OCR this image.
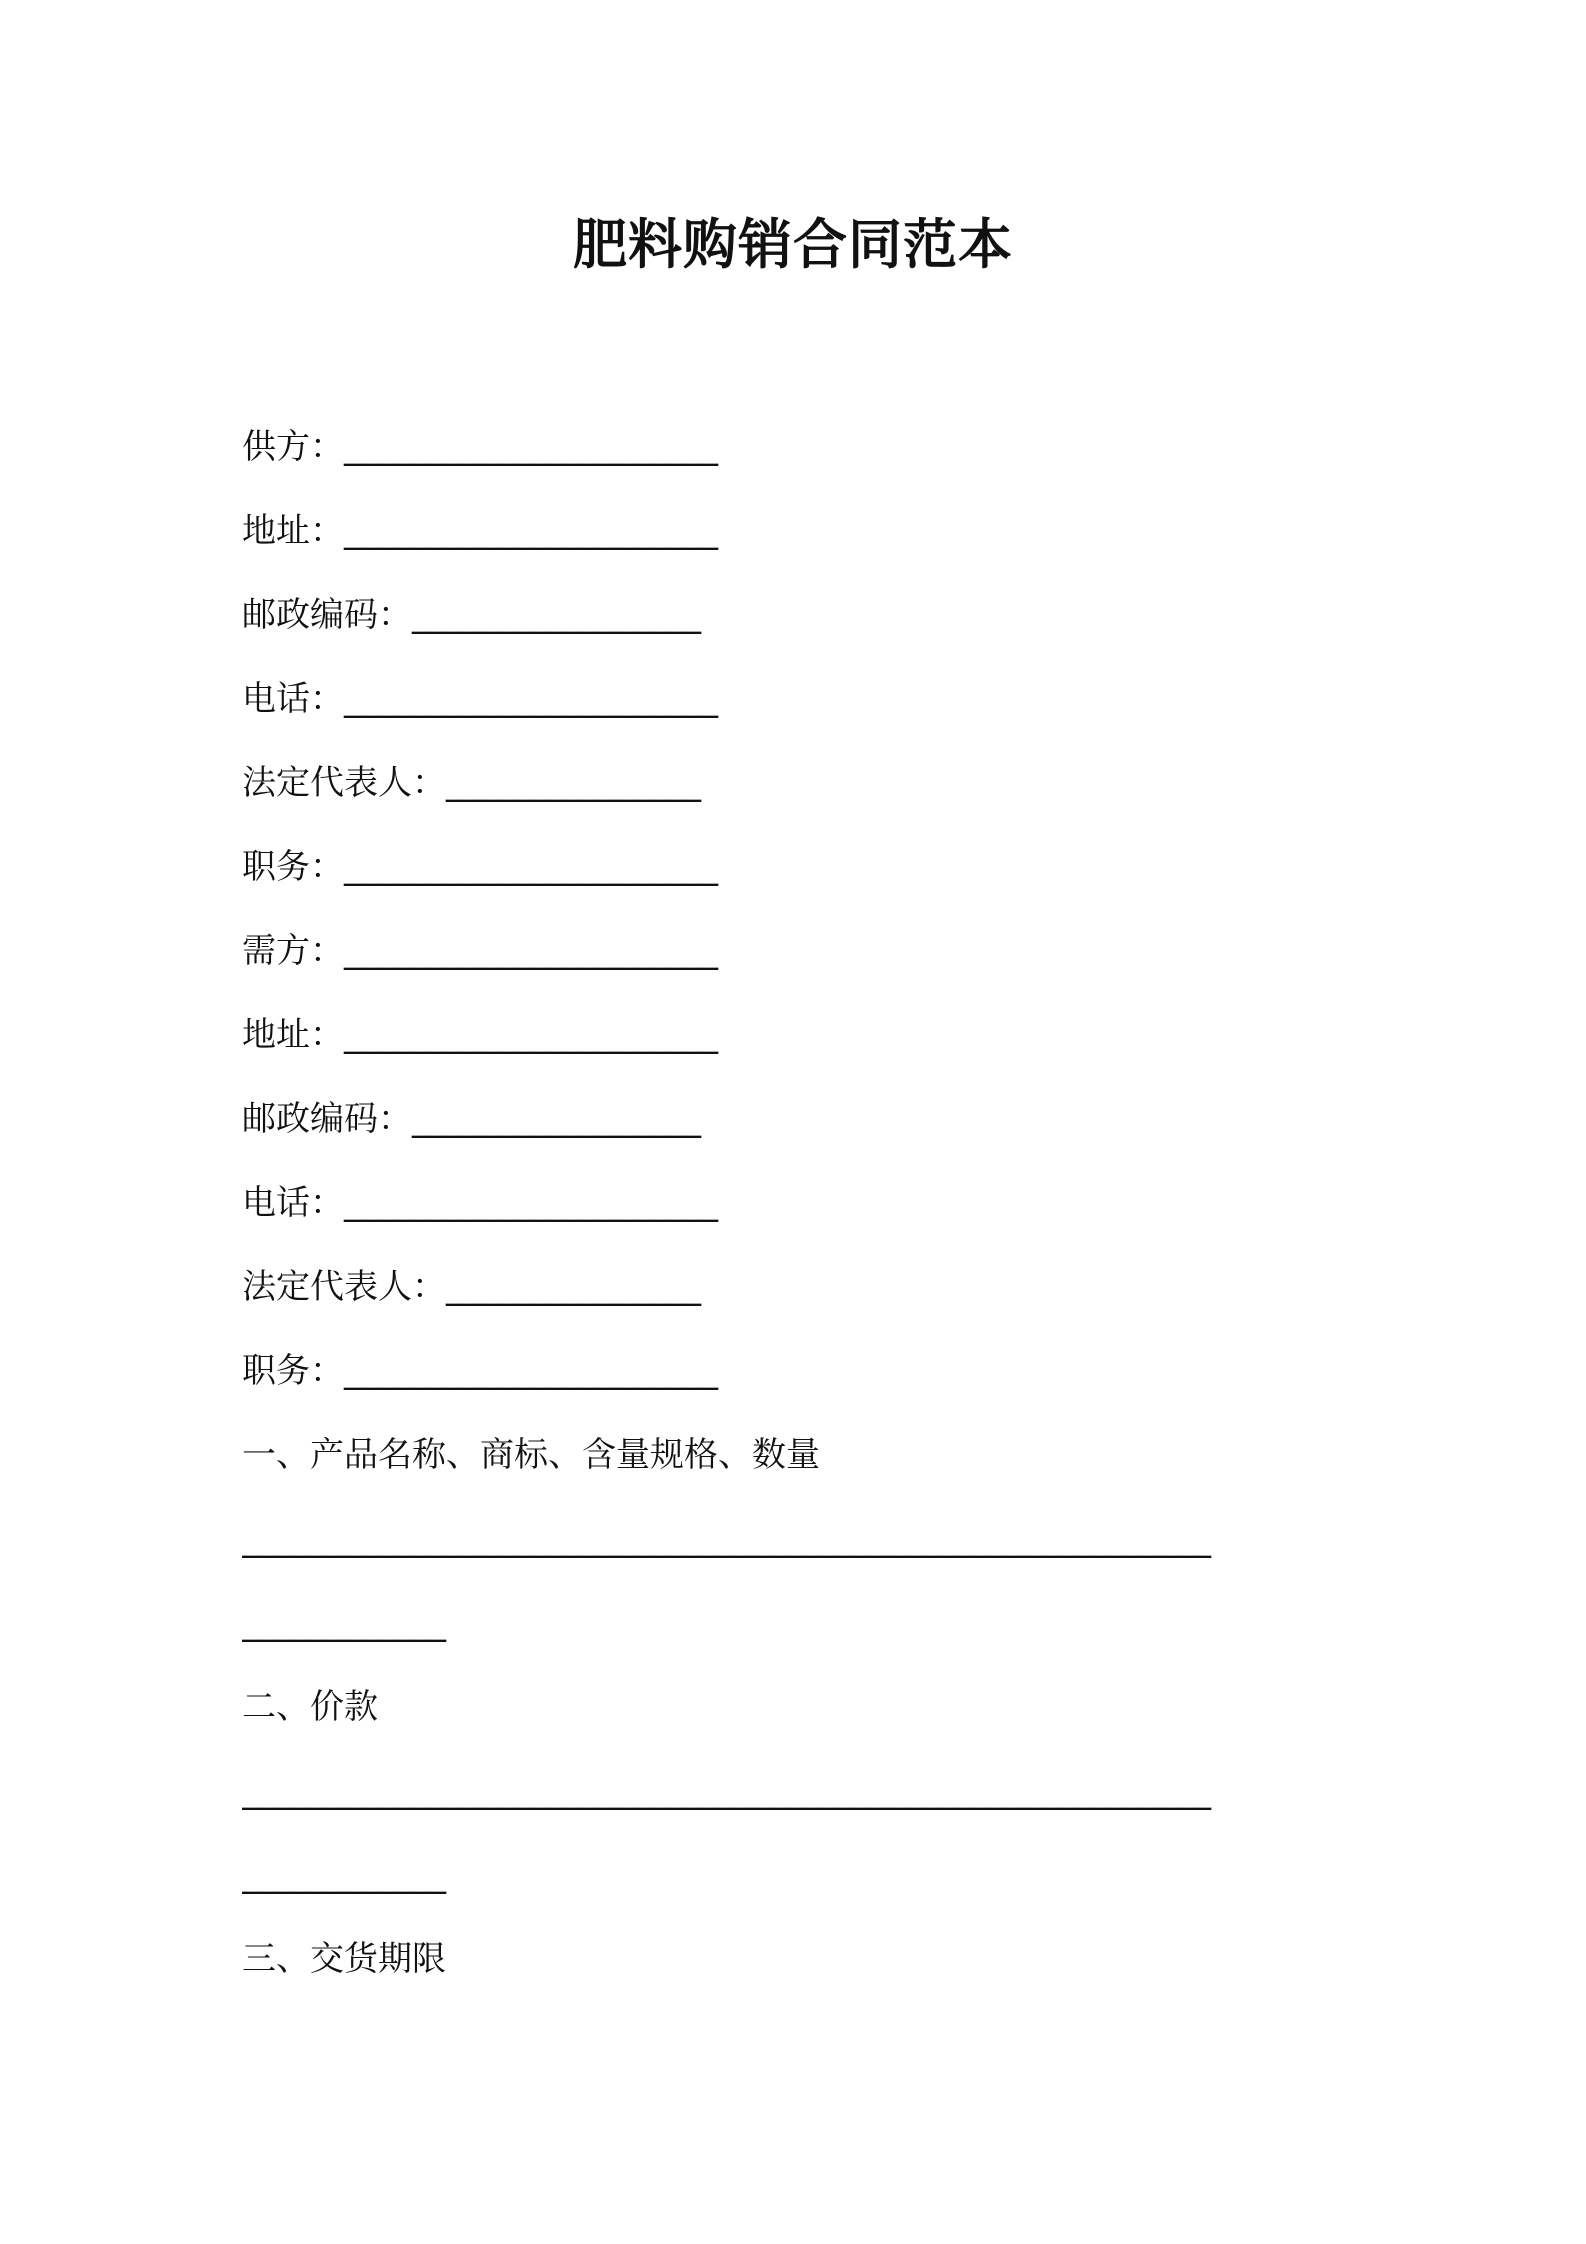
肥料购销合同范本
供方：______________________
地址：______________________
邮政编码：_________________
电话：______________________
法定代表人：_______________
职务：______________________
需方：______________________
地址：______________________
邮政编码：_________________
电话：______________________
法定代表人：_______________
职务：______________________
一、产品名称、商标、含量规格、数量
_________________________________________________________
____________
二、价款
_________________________________________________________
____________
三、交货期限
